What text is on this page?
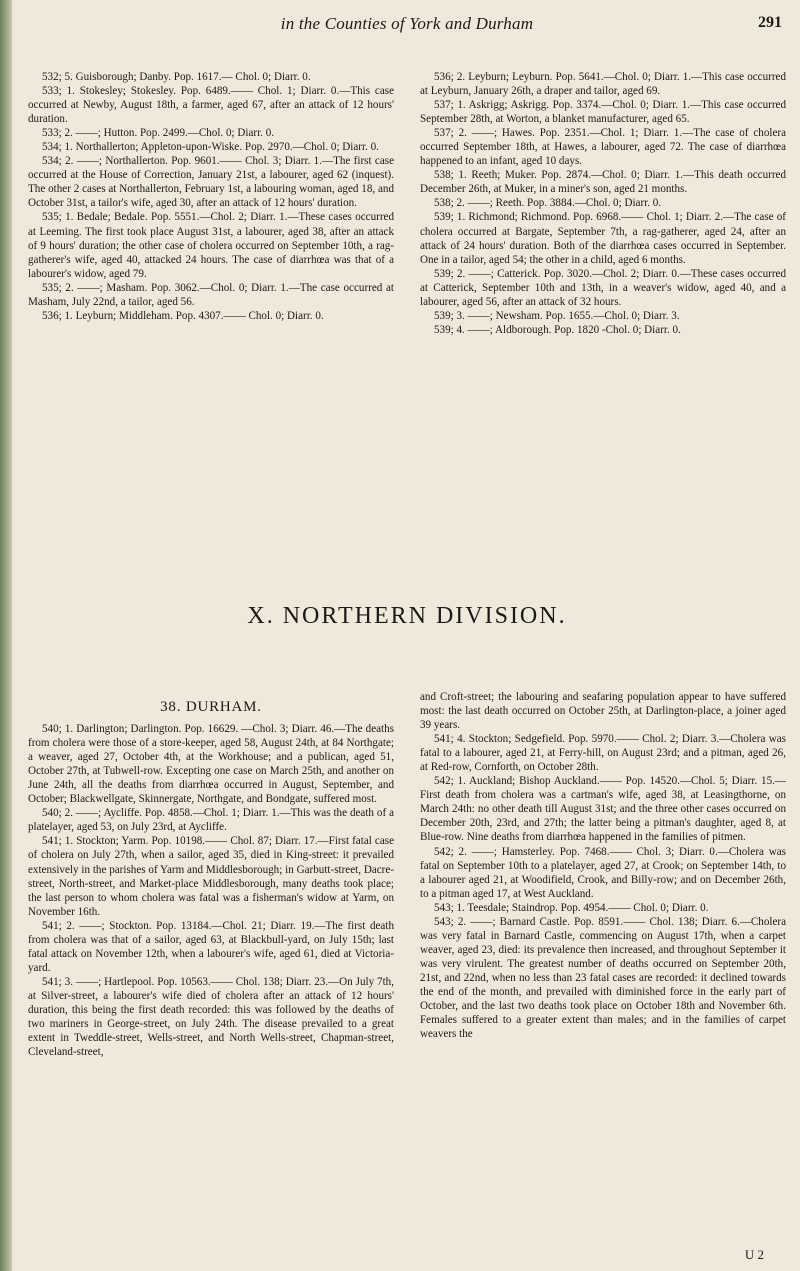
in the Counties of York and Durham	291

532; 5. Guisborough; Danby. Pop. 1617.— Chol. 0; Diarr. 0.

533; 1. Stokesley; Stokesley. Pop. 6489.—— Chol. 1; Diarr. 0.—This case occurred at Newby, August 18th, a farmer, aged 67, after an attack of 12 hours' duration.

533; 2. ——; Hutton. Pop. 2499.—Chol. 0; Diarr. 0.

534; 1. Northallerton; Appleton-upon-Wiske. Pop. 2970.—Chol. 0; Diarr. 0.

534; 2. ——; Northallerton. Pop. 9601.—— Chol. 3; Diarr. 1.—The first case occurred at the House of Correction, January 21st, a labourer, aged 62 (inquest). The other 2 cases at Northallerton, February 1st, a labouring woman, aged 18, and October 31st, a tailor's wife, aged 30, after an attack of 12 hours' duration.

535; 1. Bedale; Bedale. Pop. 5551.—Chol. 2; Diarr. 1.—These cases occurred at Leeming. The first took place August 31st, a labourer, aged 38, after an attack of 9 hours' duration; the other case of cholera occurred on September 10th, a rag-gatherer's wife, aged 40, attacked 24 hours. The case of diarrhœa was that of a labourer's widow, aged 79.

535; 2. ——; Masham. Pop. 3062.—Chol. 0; Diarr. 1.—The case occurred at Masham, July 22nd, a tailor, aged 56.

536; 1. Leyburn; Middleham. Pop. 4307.—— Chol. 0; Diarr. 0.

536; 2. Leyburn; Leyburn. Pop. 5641.—Chol. 0; Diarr. 1.—This case occurred at Leyburn, January 26th, a draper and tailor, aged 69.

537; 1. Askrigg; Askrigg. Pop. 3374.—Chol. 0; Diarr. 1.—This case occurred September 28th, at Worton, a blanket manufacturer, aged 65.

537; 2. ——; Hawes. Pop. 2351.—Chol. 1; Diarr. 1.—The case of cholera occurred September 18th, at Hawes, a labourer, aged 72. The case of diarrhœa happened to an infant, aged 10 days.

538; 1. Reeth; Muker. Pop. 2874.—Chol. 0; Diarr. 1.—This death occurred December 26th, at Muker, in a miner's son, aged 21 months.

538; 2. ——; Reeth. Pop. 3884.—Chol. 0; Diarr. 0.

539; 1. Richmond; Richmond. Pop. 6968.—— Chol. 1; Diarr. 2.—The case of cholera occurred at Bargate, September 7th, a rag-gatherer, aged 24, after an attack of 24 hours' duration. Both of the diarrhœa cases occurred in September. One in a tailor, aged 54; the other in a child, aged 6 months.

539; 2. ——; Catterick. Pop. 3020.—Chol. 2; Diarr. 0.—These cases occurred at Catterick, September 10th and 13th, in a weaver's widow, aged 40, and a labourer, aged 56, after an attack of 32 hours.

539; 3. ——; Newsham. Pop. 1655.—Chol. 0; Diarr. 3.

539; 4. ——; Aldborough. Pop. 1820 -Chol. 0; Diarr. 0.

X. NORTHERN DIVISION.
38. DURHAM.

540; 1. Darlington; Darlington. Pop. 16629. —Chol. 3; Diarr. 46.—The deaths from cholera were those of a store-keeper, aged 58, August 24th, at 84 Northgate; a weaver, aged 27, October 4th, at the Workhouse; and a publican, aged 51, October 27th, at Tubwell-row. Excepting one case on March 25th, and another on June 24th, all the deaths from diarrhœa occurred in August, September, and October; Blackwellgate, Skinnergate, Northgate, and Bondgate, suffered most.

540; 2. ——; Aycliffe. Pop. 4858.—Chol. 1; Diarr. 1.—This was the death of a platelayer, aged 53, on July 23rd, at Aycliffe.

541; 1. Stockton; Yarm. Pop. 10198.—— Chol. 87; Diarr. 17.—First fatal case of cholera on July 27th, when a sailor, aged 35, died in King-street: it prevailed extensively in the parishes of Yarm and Middlesborough; in Garbutt-street, Dacre-street, North-street, and Market-place Middlesborough, many deaths took place; the last person to whom cholera was fatal was a fisherman's widow at Yarm, on November 16th.

541; 2. ——; Stockton. Pop. 13184.—Chol. 21; Diarr. 19.—The first death from cholera was that of a sailor, aged 63, at Blackbull-yard, on July 15th; last fatal attack on November 12th, when a labourer's wife, aged 61, died at Victoria-yard.

541; 3. ——; Hartlepool. Pop. 10563.—— Chol. 138; Diarr. 23.—On July 7th, at Silver-street, a labourer's wife died of cholera after an attack of 12 hours' duration, this being the first death recorded: this was followed by the deaths of two mariners in George-street, on July 24th. The disease prevailed to a great extent in Tweddle-street, Wells-street, and North Wells-street, Chapman-street, Cleveland-street,

and Croft-street; the labouring and seafaring population appear to have suffered most: the last death occurred on October 25th, at Darlington-place, a joiner aged 39 years.

541; 4. Stockton; Sedgefield. Pop. 5970.—— Chol. 2; Diarr. 3.—Cholera was fatal to a labourer, aged 21, at Ferry-hill, on August 23rd; and a pitman, aged 26, at Red-row, Cornforth, on October 28th.

542; 1. Auckland; Bishop Auckland.—— Pop. 14520.—Chol. 5; Diarr. 15.—First death from cholera was a cartman's wife, aged 38, at Leasingthorne, on March 24th: no other death till August 31st; and the three other cases occurred on December 20th, 23rd, and 27th; the latter being a pitman's daughter, aged 8, at Blue-row. Nine deaths from diarrhœa happened in the families of pitmen.

542; 2. ——; Hamsterley. Pop. 7468.—— Chol. 3; Diarr. 0.—Cholera was fatal on September 10th to a platelayer, aged 27, at Crook; on September 14th, to a labourer aged 21, at Woodifield, Crook, and Billy-row; and on December 26th, to a pitman aged 17, at West Auckland.

543; 1. Teesdale; Staindrop. Pop. 4954.—— Chol. 0; Diarr. 0.

543; 2. ——; Barnard Castle. Pop. 8591.—— Chol. 138; Diarr. 6.—Cholera was very fatal in Barnard Castle, commencing on August 17th, when a carpet weaver, aged 23, died: its prevalence then increased, and throughout September it was very virulent. The greatest number of deaths occurred on September 20th, 21st, and 22nd, when no less than 23 fatal cases are recorded: it declined towards the end of the month, and prevailed with diminished force in the early part of October, and the last two deaths took place on October 18th and November 6th. Females suffered to a greater extent than males; and in the families of carpet weavers the

U 2
